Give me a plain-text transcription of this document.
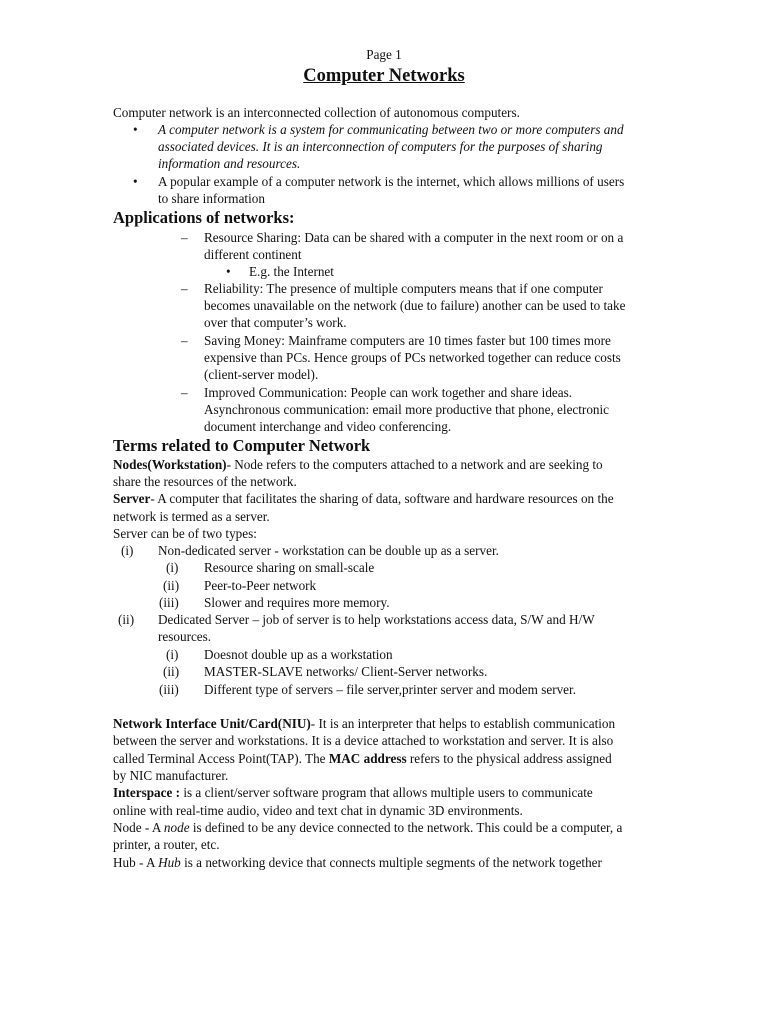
Page 1
Computer Networks
Computer network is an interconnected collection of autonomous computers.
• A computer network is a system for communicating between two or more computers and
associated devices. It is an interconnection of computers for the purposes of sharing
information and resources.
• A popular example of a computer network is the internet, which allows millions of users
to share information
Applications of networks:
– Resource Sharing: Data can be shared with a computer in the next room or on a
different continent
• E.g. the Internet
– Reliability: The presence of multiple computers means that if one computer
becomes unavailable on the network (due to failure) another can be used to take
over that computer’s work.
– Saving Money: Mainframe computers are 10 times faster but 100 times more
expensive than PCs. Hence groups of PCs networked together can reduce costs
(client-server model).
– Improved Communication: People can work together and share ideas.
Asynchronous communication: email more productive that phone, electronic
document interchange and video conferencing.
Terms related to Computer Network
Nodes(Workstation)- Node refers to the computers attached to a network and are seeking to
share the resources of the network.
Server- A computer that facilitates the sharing of data, software and hardware resources on the
network is termed as a server.
Server can be of two types:
(i) Non-dedicated server - workstation can be double up as a server.
(i) Resource sharing on small-scale
(ii) Peer-to-Peer network
(iii) Slower and requires more memory.
(ii) Dedicated Server – job of server is to help workstations access data, S/W and H/W
resources.
(i) Doesnot double up as a workstation
(ii) MASTER-SLAVE networks/ Client-Server networks.
(iii) Different type of servers – file server,printer server and modem server.
Network Interface Unit/Card(NIU)- It is an interpreter that helps to establish communication
between the server and workstations. It is a device attached to workstation and server. It is also
called Terminal Access Point(TAP). The MAC address refers to the physical address assigned
by NIC manufacturer.
Interspace : is a client/server software program that allows multiple users to communicate
online with real-time audio, video and text chat in dynamic 3D environments.
Node - A node is defined to be any device connected to the network. This could be a computer, a
printer, a router, etc.
Hub - A Hub is a networking device that connects multiple segments of the network together
